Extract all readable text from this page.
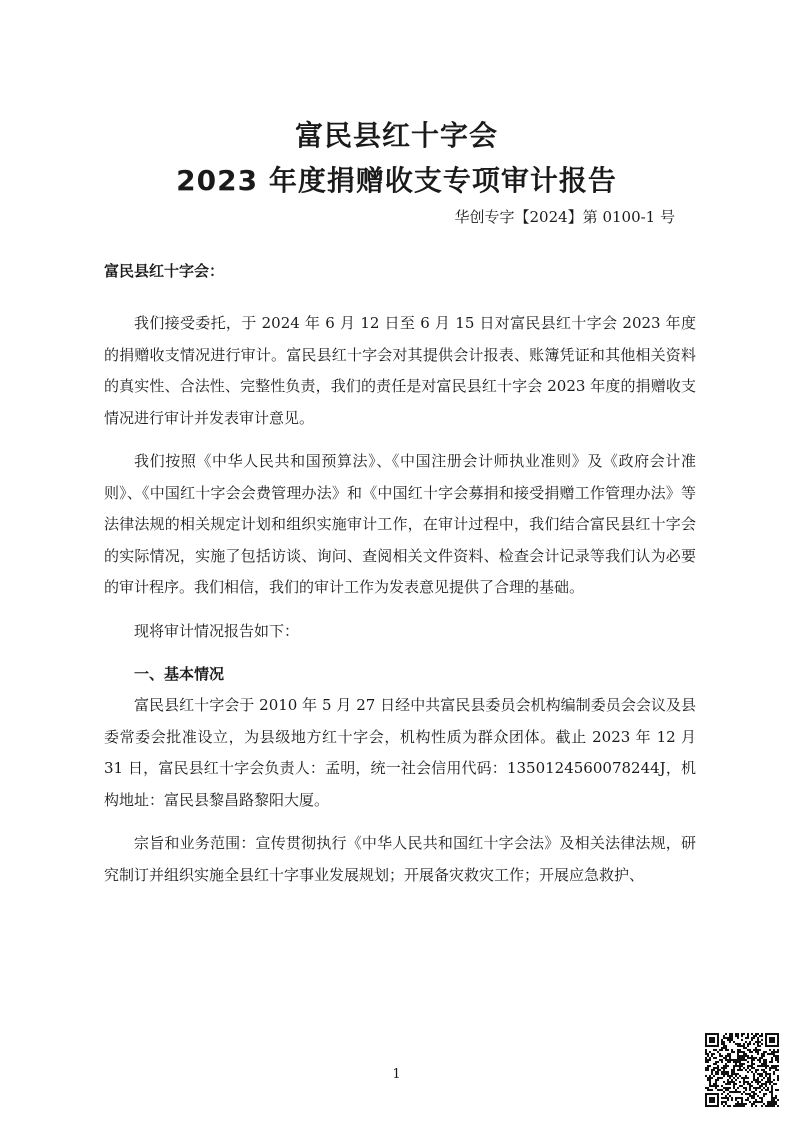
富民县红十字会
2023 年度捐赠收支专项审计报告
华创专字【2024】第 0100-1 号
富民县红十字会：

我们接受委托，于 2024 年 6 月 12 日至 6 月 15 日对富民县红十字会 2023 年度的捐赠收支情况进行审计。富民县红十字会对其提供会计报表、账簿凭证和其他相关资料的真实性、合法性、完整性负责，我们的责任是对富民县红十字会 2023 年度的捐赠收支情况进行审计并发表审计意见。

我们按照《中华人民共和国预算法》、《中国注册会计师执业准则》及《政府会计准则》、《中国红十字会会费管理办法》和《中国红十字会募捐和接受捐赠工作管理办法》等法律法规的相关规定计划和组织实施审计工作，在审计过程中，我们结合富民县红十字会的实际情况，实施了包括访谈、询问、查阅相关文件资料、检查会计记录等我们认为必要的审计程序。我们相信，我们的审计工作为发表意见提供了合理的基础。

现将审计情况报告如下：

一、基本情况

富民县红十字会于 2010 年 5 月 27 日经中共富民县委员会机构编制委员会会议及县委常委会批准设立，为县级地方红十字会，机构性质为群众团体。截止 2023 年 12 月 31 日，富民县红十字会负责人：孟明，统一社会信用代码：1350124560078244J，机构地址：富民县黎昌路黎阳大厦。

宗旨和业务范围：宣传贯彻执行《中华人民共和国红十字会法》及相关法律法规，研究制订并组织实施全县红十字事业发展规划；开展备灾救灾工作；开展应急救护、

1
